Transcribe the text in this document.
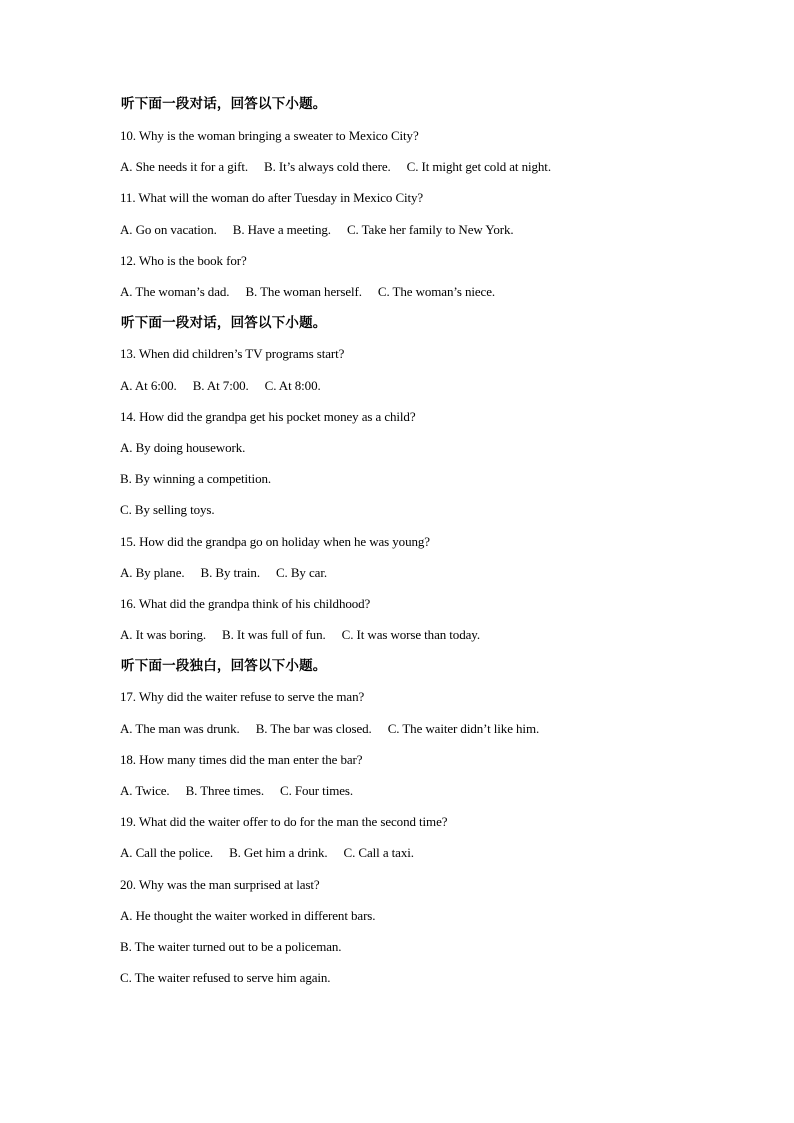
听下面一段对话，回答以下小题。
10. Why is the woman bringing a sweater to Mexico City?
A. She needs it for a gift. B. It’s always cold there. C. It might get cold at night.
11. What will the woman do after Tuesday in Mexico City?
A. Go on vacation. B. Have a meeting. C. Take her family to New York.
12. Who is the book for?
A. The woman’s dad. B. The woman herself. C. The woman’s niece.
听下面一段对话，回答以下小题。
13. When did children’s TV programs start?
A. At 6:00. B. At 7:00. C. At 8:00.
14. How did the grandpa get his pocket money as a child?
A. By doing housework.
B. By winning a competition.
C. By selling toys.
15. How did the grandpa go on holiday when he was young?
A. By plane. B. By train. C. By car.
16. What did the grandpa think of his childhood?
A. It was boring. B. It was full of fun. C. It was worse than today.
听下面一段独白，回答以下小题。
17. Why did the waiter refuse to serve the man?
A. The man was drunk. B. The bar was closed. C. The waiter didn’t like him.
18. How many times did the man enter the bar?
A. Twice. B. Three times. C. Four times.
19. What did the waiter offer to do for the man the second time?
A. Call the police. B. Get him a drink. C. Call a taxi.
20. Why was the man surprised at last?
A. He thought the waiter worked in different bars.
B. The waiter turned out to be a policeman.
C. The waiter refused to serve him again.
